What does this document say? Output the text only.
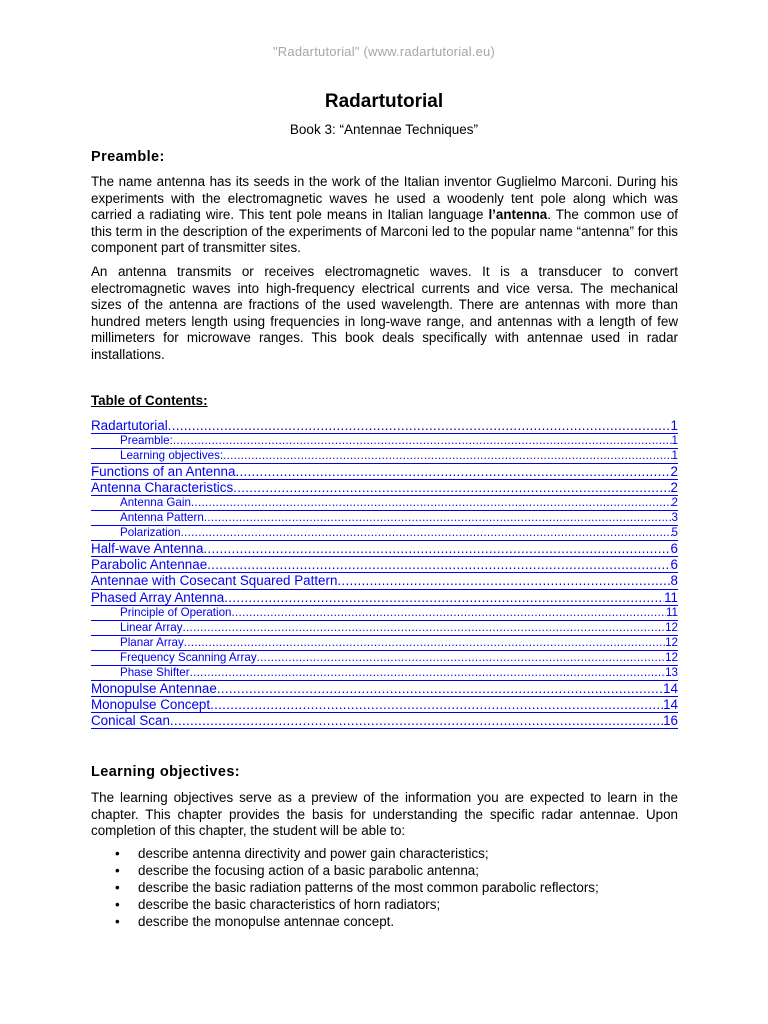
"Radartutorial" (www.radartutorial.eu)
Radartutorial
Book 3: “Antennae Techniques”
Preamble:
The name antenna has its seeds in the work of the Italian inventor Guglielmo Marconi. During his experiments with the electromagnetic waves he used a woodenly tent pole along which was carried a radiating wire. This tent pole means in Italian language l’antenna. The common use of this term in the description of the experiments of Marconi led to the popular name “antenna” for this component part of transmitter sites.
An antenna transmits or receives electromagnetic waves. It is a transducer to convert electromagnetic waves into high-frequency electrical currents and vice versa. The mechanical sizes of the antenna are fractions of the used wavelength. There are antennas with more than hundred meters length using frequencies in long-wave range, and antennas with a length of few millimeters for microwave ranges. This book deals specifically with antennae used in radar installations.
Table of Contents:
Radartutorial .....	1
Preamble: .....	1
Learning objectives: .....	1
Functions of an Antenna .....	2
Antenna Characteristics .....	2
Antenna Gain .....	2
Antenna Pattern .....	3
Polarization .....	5
Half-wave Antenna .....	6
Parabolic Antennae .....	6
Antennae with Cosecant Squared Pattern .....	8
Phased Array Antenna .....	11
Principle of Operation .....	11
Linear Array .....	12
Planar Array .....	12
Frequency Scanning Array .....	12
Phase Shifter .....	13
Monopulse Antennae .....	14
Monopulse Concept .....	14
Conical Scan .....	16
Learning objectives:
The learning objectives serve as a preview of the information you are expected to learn in the chapter. This chapter provides the basis for understanding the specific radar antennae. Upon completion of this chapter, the student will be able to:
• describe antenna directivity and power gain characteristics;
• describe the focusing action of a basic parabolic antenna;
• describe the basic radiation patterns of the most common parabolic reflectors;
• describe the basic characteristics of horn radiators;
• describe the monopulse antennae concept.
